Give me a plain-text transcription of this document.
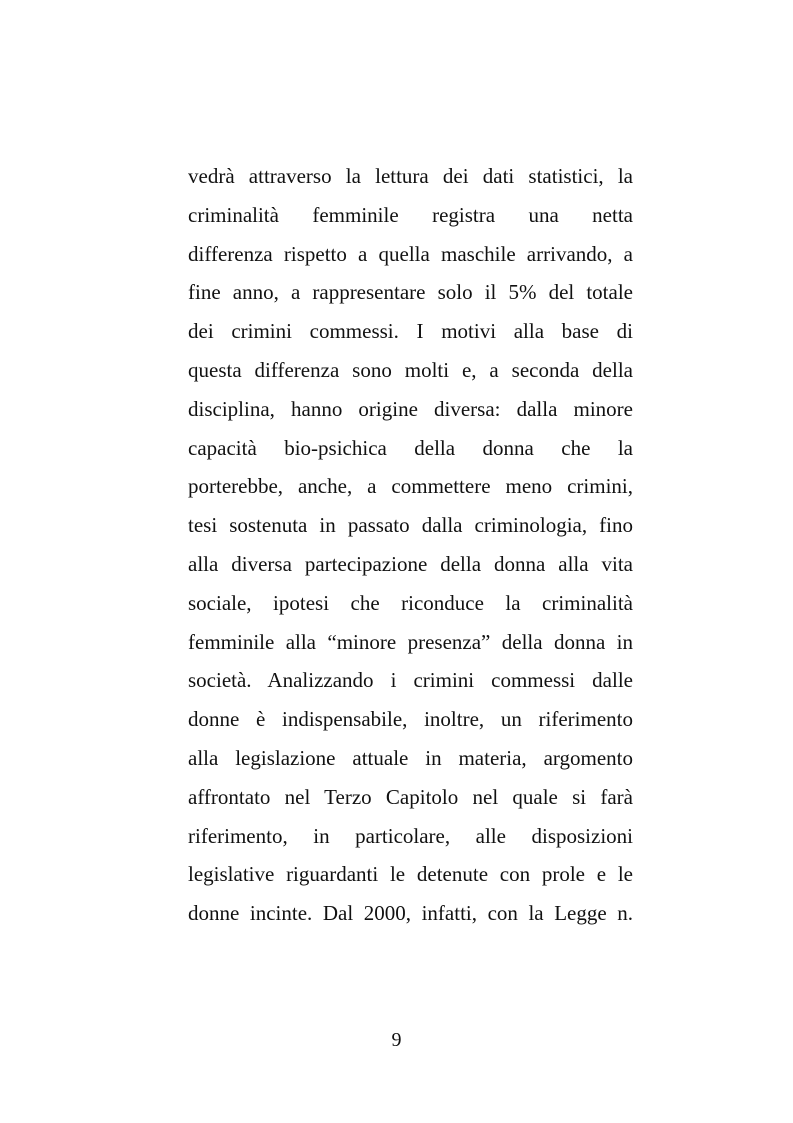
vedrà attraverso la lettura dei dati statistici, la
criminalità femminile registra una netta
differenza rispetto a quella maschile arrivando, a
fine anno, a rappresentare solo il 5% del totale
dei crimini commessi. I motivi alla base di
questa differenza sono molti e, a seconda della
disciplina, hanno origine diversa: dalla minore
capacità bio-psichica della donna che la
porterebbe, anche, a commettere meno crimini,
tesi sostenuta in passato dalla criminologia, fino
alla diversa partecipazione della donna alla vita
sociale, ipotesi che riconduce la criminalità
femminile alla “minore presenza” della donna in
società. Analizzando i crimini commessi dalle
donne è indispensabile, inoltre, un riferimento
alla legislazione attuale in materia, argomento
affrontato nel Terzo Capitolo nel quale si farà
riferimento, in particolare, alle disposizioni
legislative riguardanti le detenute con prole e le
donne incinte. Dal 2000, infatti, con la Legge n.
9
